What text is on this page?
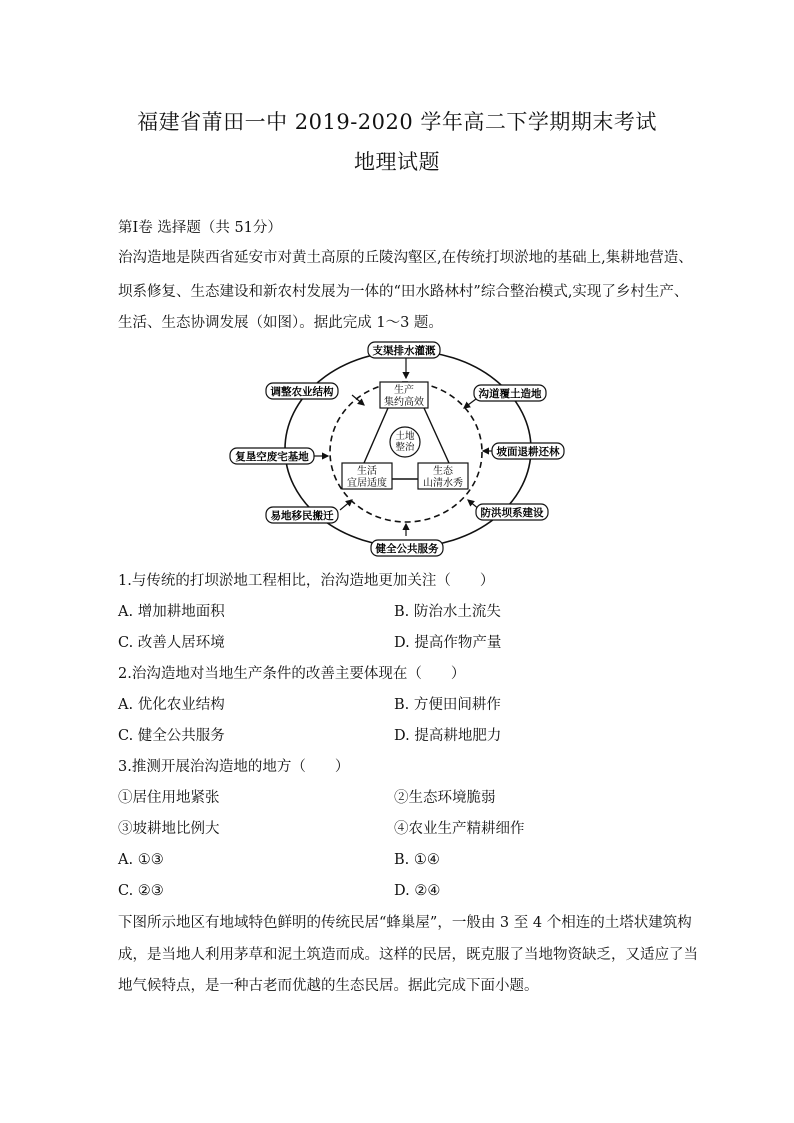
福建省莆田一中 2019-2020 学年高二下学期期末考试
地理试题
第Ⅰ卷 选择题（共 51分）
治沟造地是陕西省延安市对黄土高原的丘陵沟壑区,在传统打坝淤地的基础上,集耕地营造、
坝系修复、生态建设和新农村发展为一体的“田水路林村”综合整治模式,实现了乡村生产、
生活、生态协调发展（如图）。据此完成 1～3 题。
支渠排水灌溉
调整农业结构	沟道覆土造地
复垦空废宅基地	坡面退耕还林
易地移民搬迁	防洪坝系建设
健全公共服务
生产
集约高效
生活
宜居适度
生态
山清水秀
土地
整治
1.与传统的打坝淤地工程相比，治沟造地更加关注（　　）
A. 增加耕地面积	B. 防治水土流失
C. 改善人居环境	D. 提高作物产量
2.治沟造地对当地生产条件的改善主要体现在（　　）
A. 优化农业结构	B. 方便田间耕作
C. 健全公共服务	D. 提高耕地肥力
3.推测开展治沟造地的地方（　　）
①居住用地紧张	②生态环境脆弱
③坡耕地比例大	④农业生产精耕细作
A. ①③	B. ①④
C. ②③	D. ②④
下图所示地区有地域特色鲜明的传统民居“蜂巢屋”，一般由 3 至 4 个相连的土塔状建筑构
成，是当地人利用茅草和泥土筑造而成。这样的民居，既克服了当地物资缺乏，又适应了当
地气候特点，是一种古老而优越的生态民居。据此完成下面小题。
